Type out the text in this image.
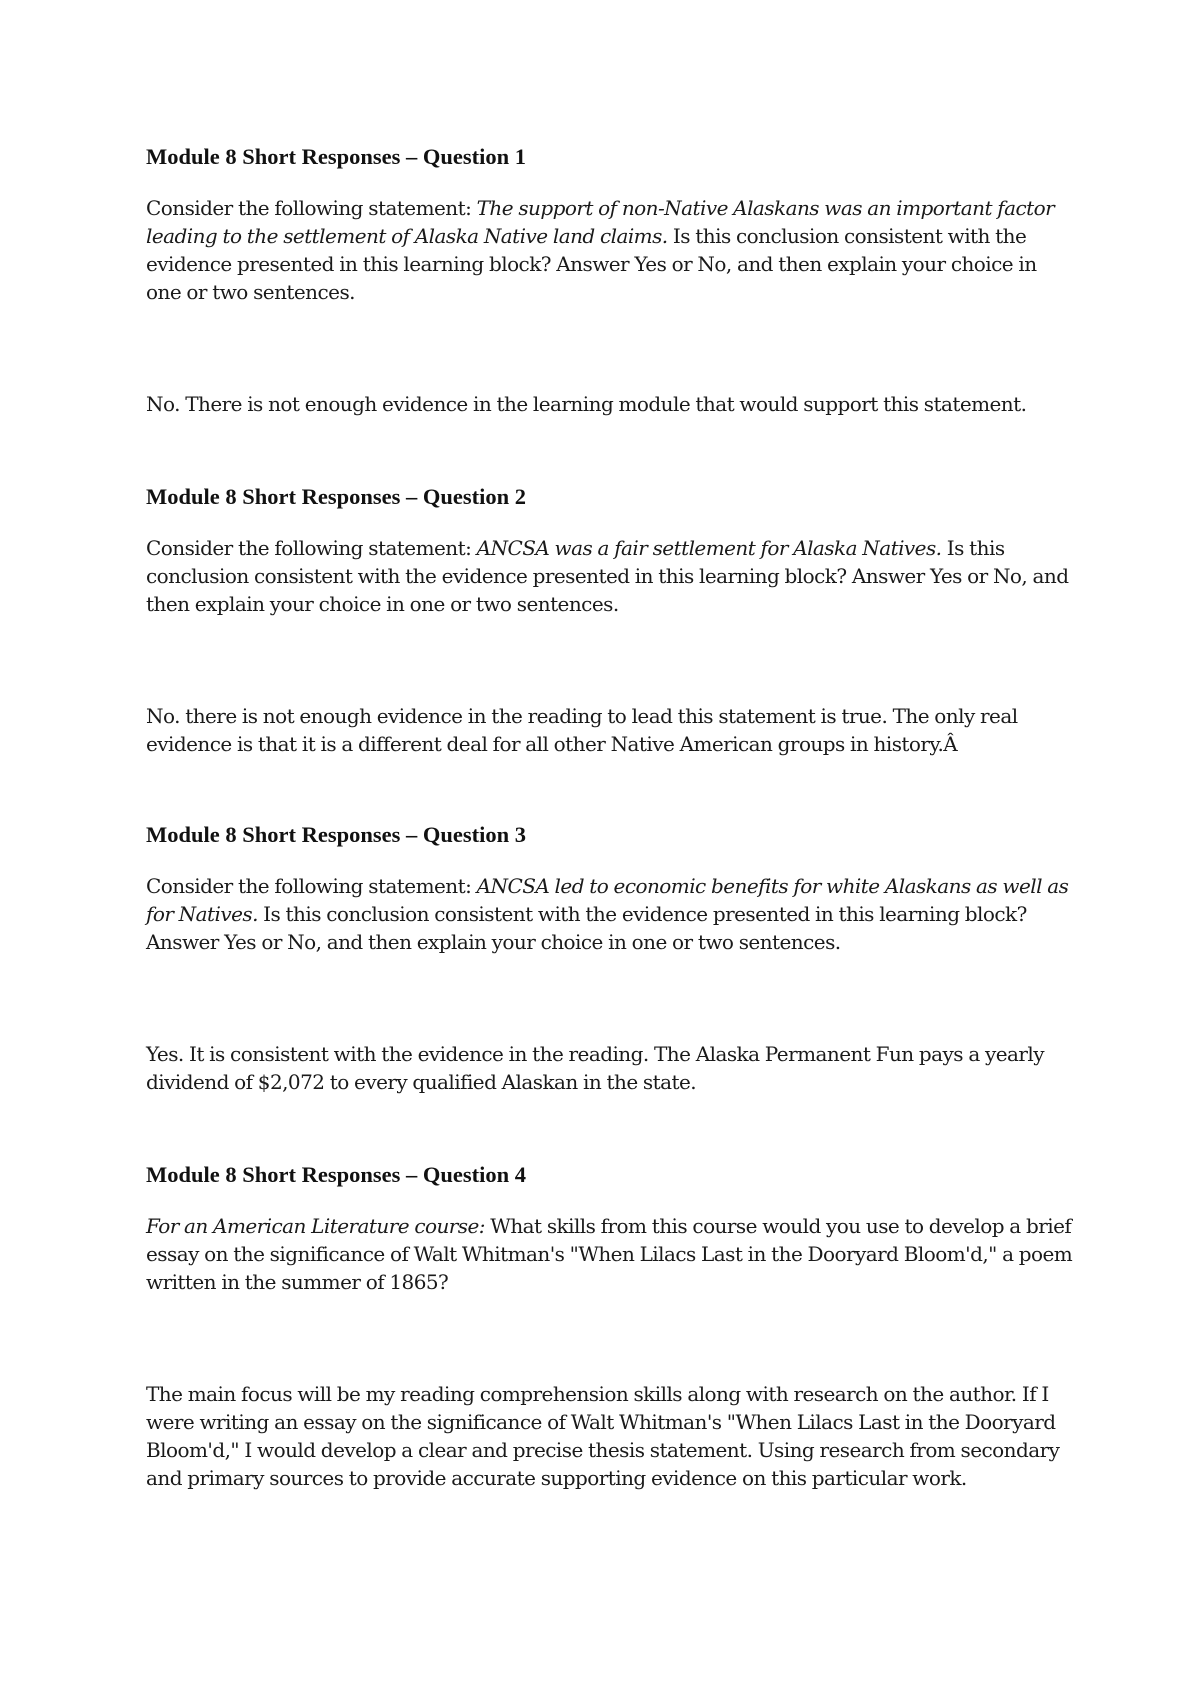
Module 8 Short Responses – Question 1

Consider the following statement: The support of non-Native Alaskans was an important factor leading to the settlement of Alaska Native land claims. Is this conclusion consistent with the evidence presented in this learning block? Answer Yes or No, and then explain your choice in one or two sentences.

No. There is not enough evidence in the learning module that would support this statement.

Module 8 Short Responses – Question 2

Consider the following statement: ANCSA was a fair settlement for Alaska Natives. Is this conclusion consistent with the evidence presented in this learning block? Answer Yes or No, and then explain your choice in one or two sentences.

No. there is not enough evidence in the reading to lead this statement is true. The only real evidence is that it is a different deal for all other Native American groups in history.Â

Module 8 Short Responses – Question 3

Consider the following statement: ANCSA led to economic benefits for white Alaskans as well as for Natives. Is this conclusion consistent with the evidence presented in this learning block? Answer Yes or No, and then explain your choice in one or two sentences.

Yes. It is consistent with the evidence in the reading. The Alaska Permanent Fun pays a yearly dividend of $2,072 to every qualified Alaskan in the state.

Module 8 Short Responses – Question 4

For an American Literature course: What skills from this course would you use to develop a brief essay on the significance of Walt Whitman's "When Lilacs Last in the Dooryard Bloom'd," a poem written in the summer of 1865?

The main focus will be my reading comprehension skills along with research on the author. If I were writing an essay on the significance of Walt Whitman's "When Lilacs Last in the Dooryard Bloom'd," I would develop a clear and precise thesis statement. Using research from secondary and primary sources to provide accurate supporting evidence on this particular work.
